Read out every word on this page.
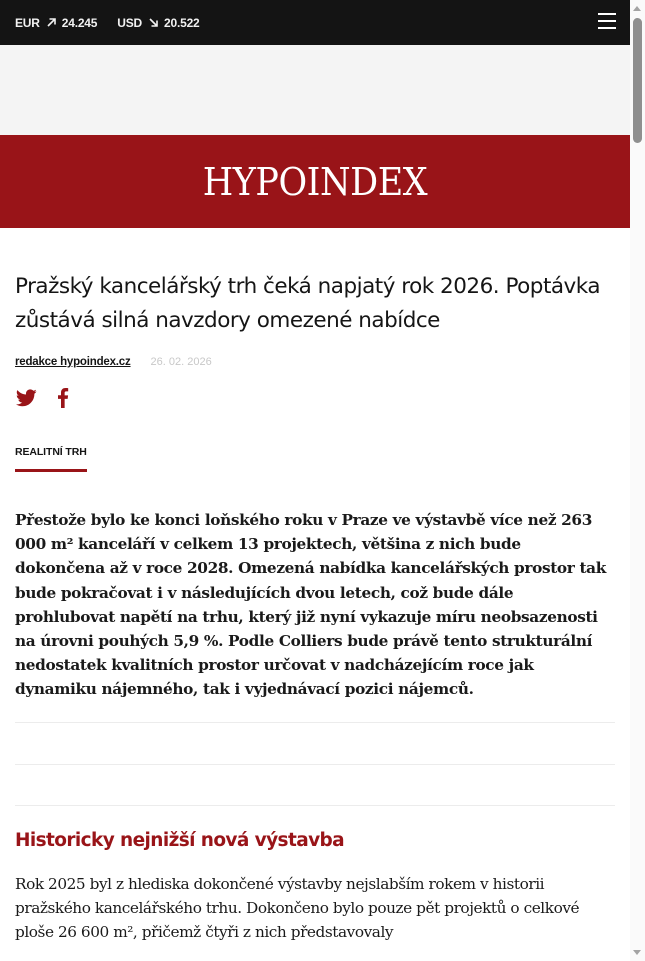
EUR 24.245 USD 20.522
HYPOINDEX
Pražský kancelářský trh čeká napjatý rok 2026. Poptávka zůstává silná navzdory omezené nabídce
redakce hypoindex.cz 26. 02. 2026
REALITNÍ TRH

Přestože bylo ke konci loňského roku v Praze ve výstavbě více než 263 000 m² kanceláří v celkem 13 projektech, většina z nich bude dokončena až v roce 2028. Omezená nabídka kancelářských prostor tak bude pokračovat i v následujících dvou letech, což bude dále prohlubovat napětí na trhu, který již nyní vykazuje míru neobsazenosti na úrovni pouhých 5,9 %. Podle Colliers bude právě tento strukturální nedostatek kvalitních prostor určovat v nadcházejícím roce jak dynamiku nájemného, tak i vyjednávací pozici nájemců.

Historicky nejnižší nová výstavba

Rok 2025 byl z hlediska dokončené výstavby nejslabším rokem v historii pražského kancelářského trhu. Dokončeno bylo pouze pět projektů o celkové ploše 26 600 m², přičemž čtyři z nich představovaly
